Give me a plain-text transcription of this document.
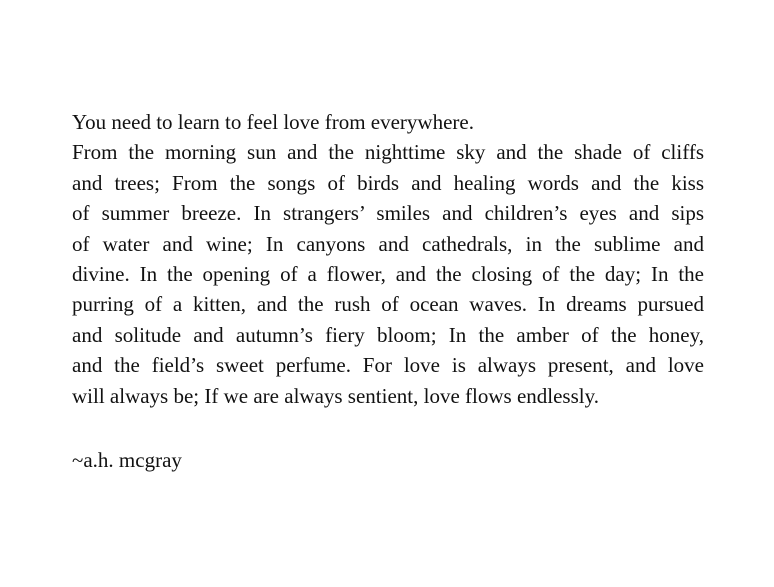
You need to learn to feel love from everywhere.
From the morning sun and the nighttime sky and the shade of cliffs
and trees; From the songs of birds and healing words and the kiss
of summer breeze. In strangers’ smiles and children’s eyes and sips
of water and wine; In canyons and cathedrals, in the sublime and
divine. In the opening of a flower, and the closing of the day; In the
purring of a kitten, and the rush of ocean waves. In dreams pursued
and solitude and autumn’s fiery bloom; In the amber of the honey,
and the field’s sweet perfume. For love is always present, and love
will always be; If we are always sentient, love flows endlessly.

~a.h. mcgray
